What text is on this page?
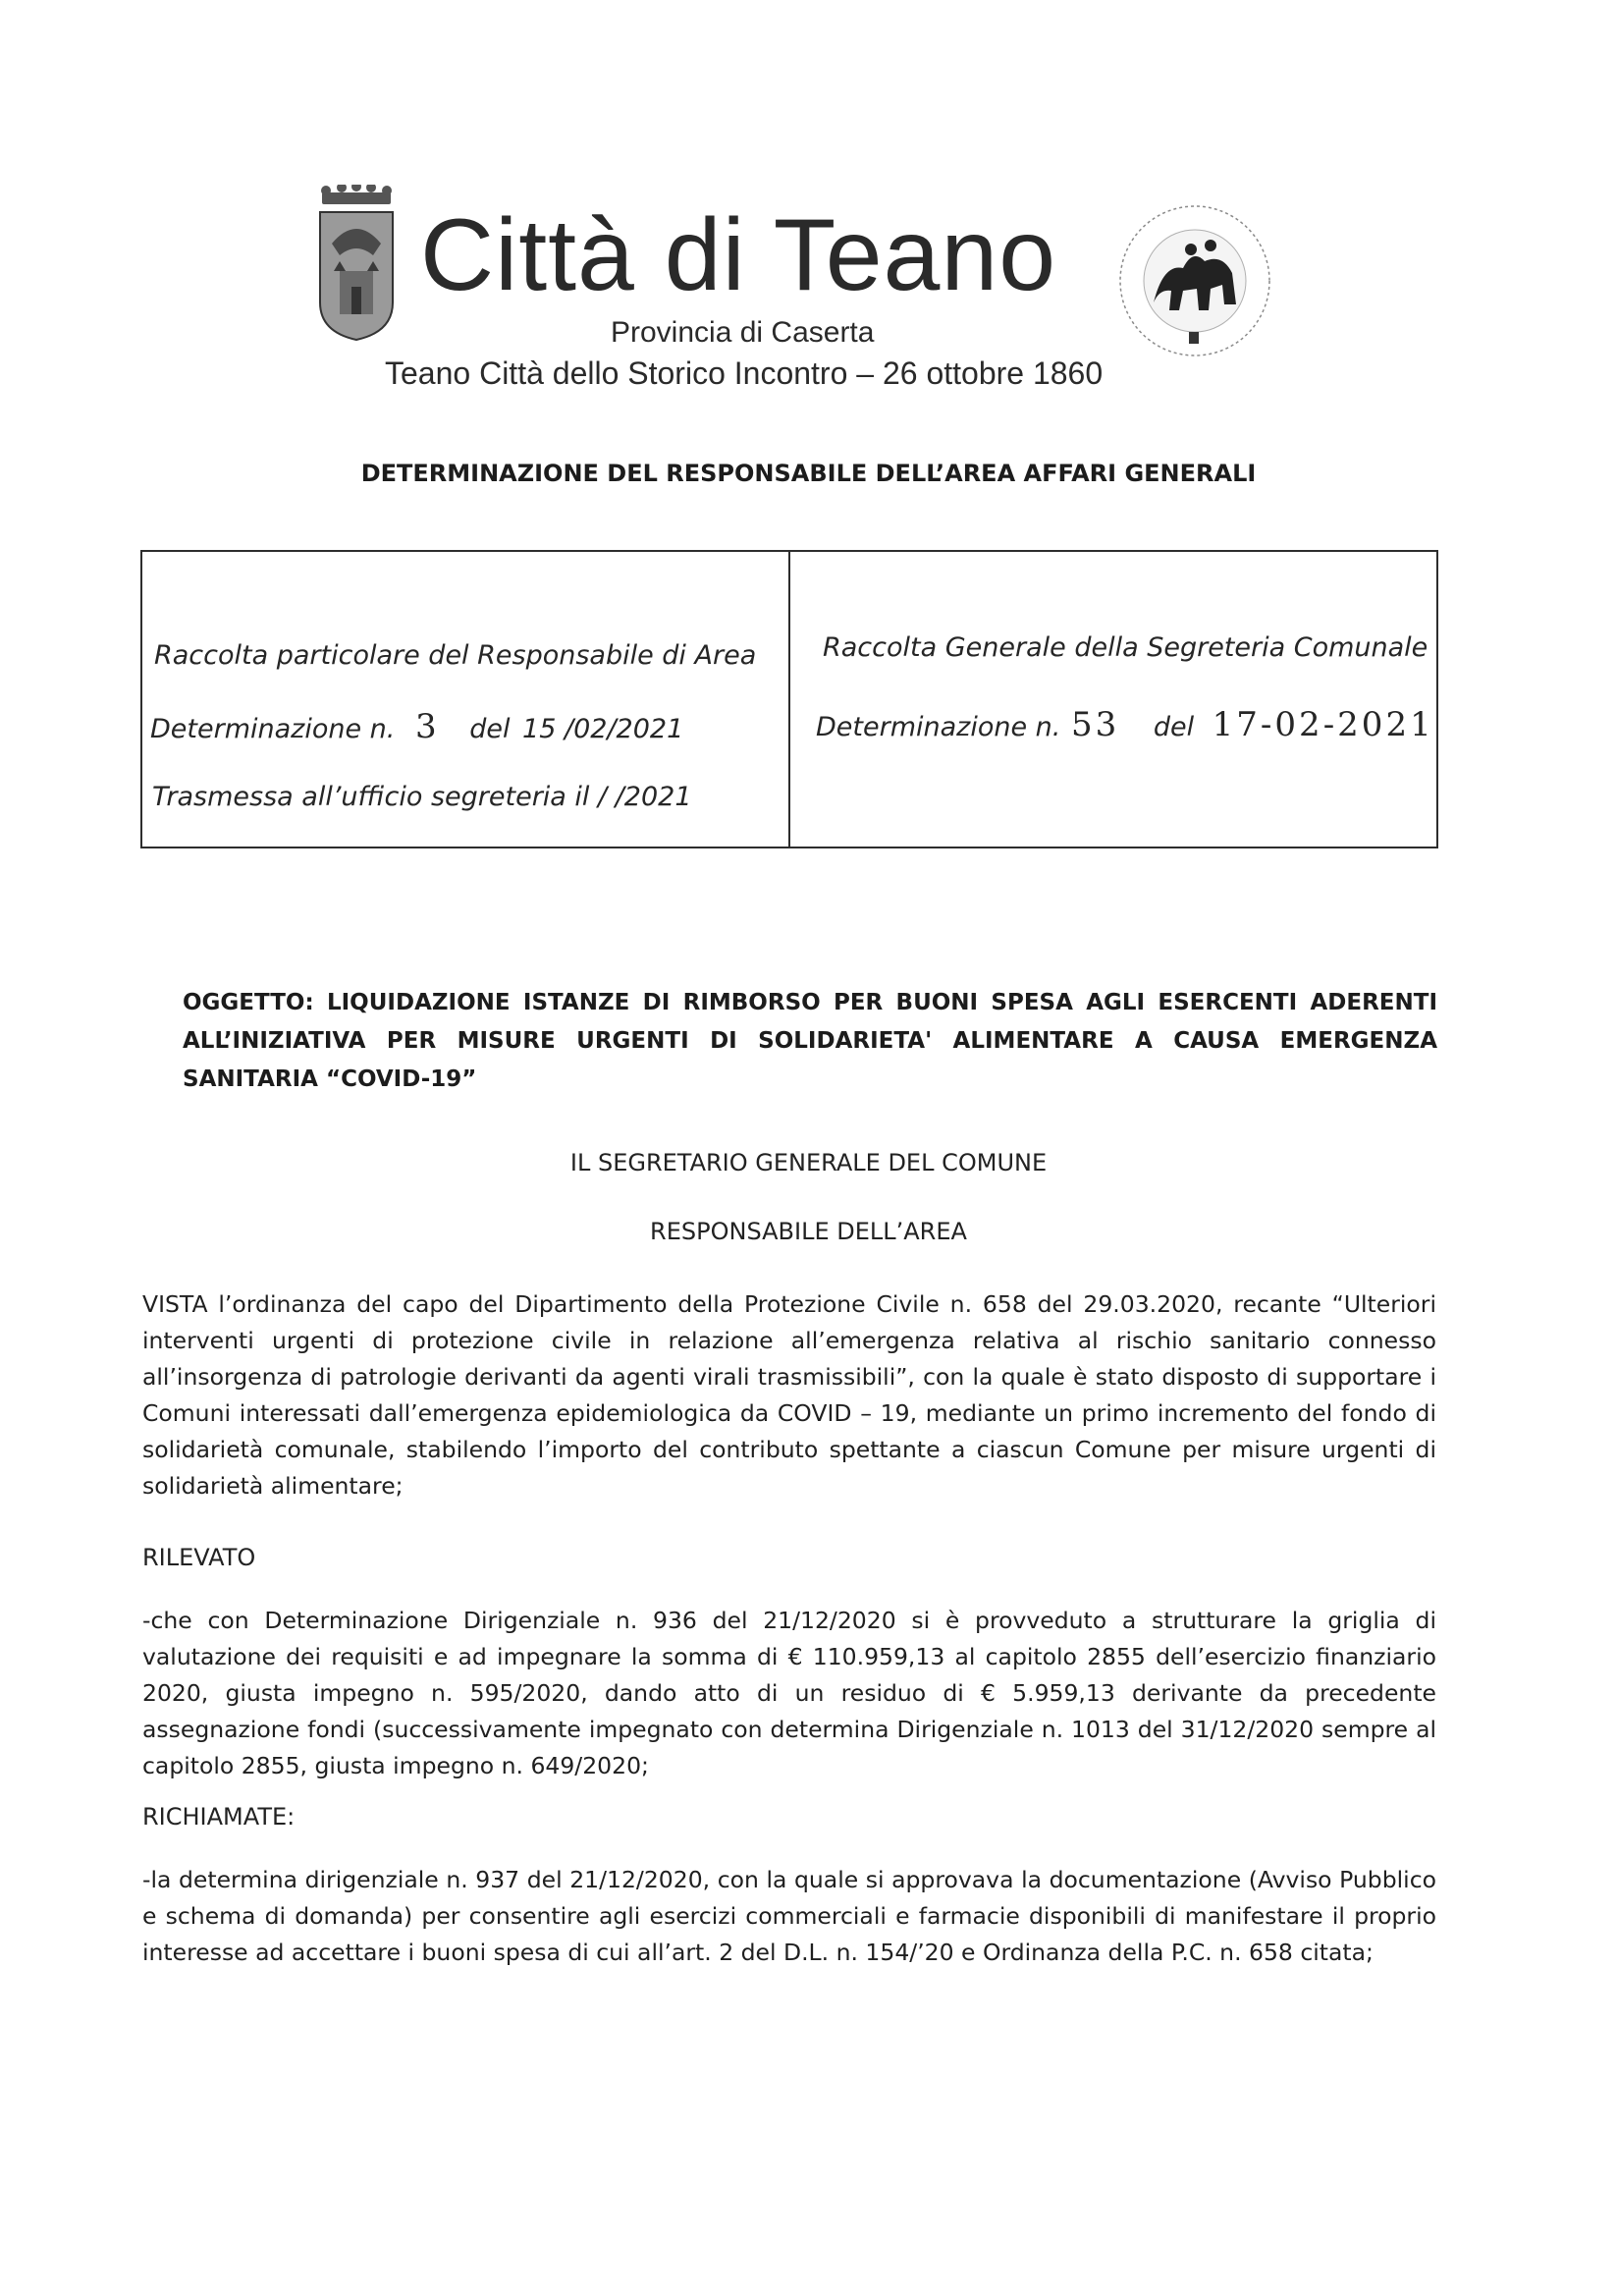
Città di Teano
Provincia di Caserta
Teano Città dello Storico Incontro – 26 ottobre 1860
DETERMINAZIONE DEL RESPONSABILE DELL’AREA AFFARI GENERALI
Raccolta particolare del Responsabile di Area
Determinazione n. 3 del 15 /02/2021
Trasmessa all’ufficio segreteria il / /2021
Raccolta Generale della Segreteria Comunale
Determinazione n. 53 del 17-02-2021
OGGETTO: LIQUIDAZIONE ISTANZE DI RIMBORSO PER BUONI SPESA AGLI ESERCENTI ADERENTI ALL’INIZIATIVA PER MISURE URGENTI DI SOLIDARIETA' ALIMENTARE A CAUSA EMERGENZA SANITARIA “COVID-19”
IL SEGRETARIO GENERALE DEL COMUNE
RESPONSABILE DELL’AREA
VISTA l’ordinanza del capo del Dipartimento della Protezione Civile n. 658 del 29.03.2020, recante “Ulteriori interventi urgenti di protezione civile in relazione all’emergenza relativa al rischio sanitario connesso all’insorgenza di patrologie derivanti da agenti virali trasmissibili”, con la quale è stato disposto di supportare i Comuni interessati dall’emergenza epidemiologica da COVID – 19, mediante un primo incremento del fondo di solidarietà comunale, stabilendo l’importo del contributo spettante a ciascun Comune per misure urgenti di solidarietà alimentare;
RILEVATO
-che con Determinazione Dirigenziale n. 936 del 21/12/2020 si è provveduto a strutturare la griglia di valutazione dei requisiti e ad impegnare la somma di € 110.959,13 al capitolo 2855 dell’esercizio finanziario 2020, giusta impegno n. 595/2020, dando atto di un residuo di € 5.959,13 derivante da precedente assegnazione fondi (successivamente impegnato con determina Dirigenziale n. 1013 del 31/12/2020 sempre al capitolo 2855, giusta impegno n. 649/2020;
RICHIAMATE:
-la determina dirigenziale n. 937 del 21/12/2020, con la quale si approvava la documentazione (Avviso Pubblico e schema di domanda) per consentire agli esercizi commerciali e farmacie disponibili di manifestare il proprio interesse ad accettare i buoni spesa di cui all’art. 2 del D.L. n. 154/’20 e Ordinanza della P.C. n. 658 citata;
